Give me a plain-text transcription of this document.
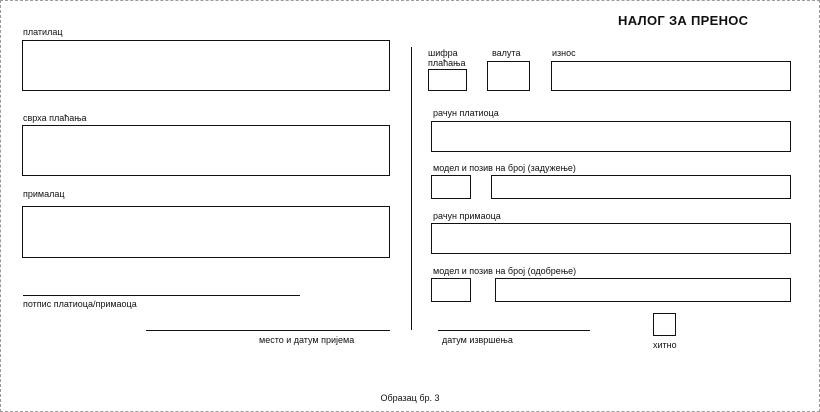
НАЛОГ ЗА ПРЕНОС
платилац
сврха плаћања
прималац
потпис платиоца/примаоца
место и датум пријема
шифра плаћања
валута	износ
рачун платиоца
модел и позив на број (задужење)
рачун примаоца
модел и позив на број (одобрење)
датум извршења	хитно
Образац бр. 3
